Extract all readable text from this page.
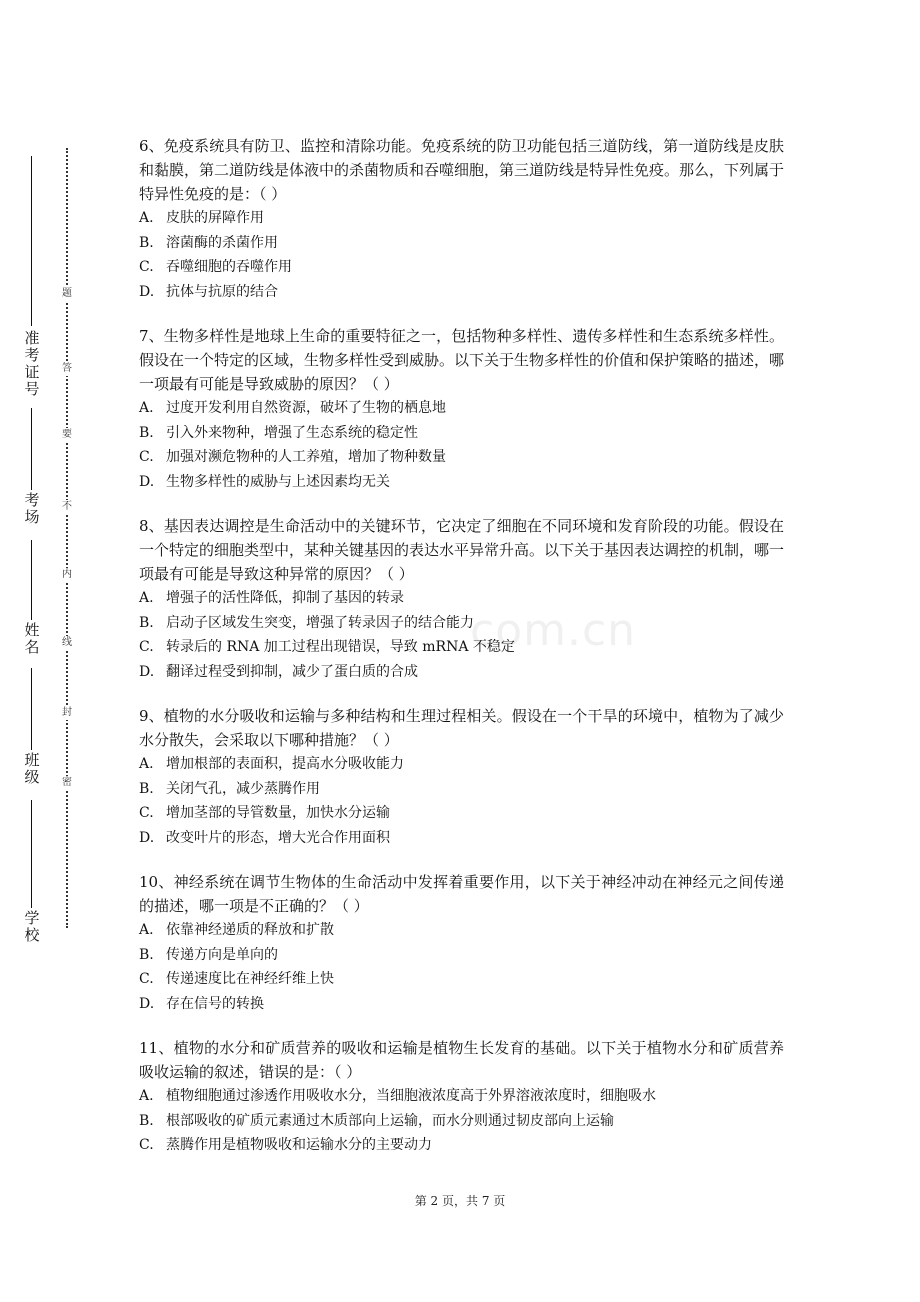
准考证号
考场
姓名
班级
学校
题
答
要
不
内
线
封
密
com.cn

6、免疫系统具有防卫、监控和清除功能。免疫系统的防卫功能包括三道防线，第一道防线是皮肤和黏膜，第二道防线是体液中的杀菌物质和吞噬细胞，第三道防线是特异性免疫。那么，下列属于特异性免疫的是：（ ）

A. 皮肤的屏障作用

B. 溶菌酶的杀菌作用

C. 吞噬细胞的吞噬作用

D. 抗体与抗原的结合

7、生物多样性是地球上生命的重要特征之一，包括物种多样性、遗传多样性和生态系统多样性。假设在一个特定的区域，生物多样性受到威胁。以下关于生物多样性的价值和保护策略的描述，哪一项最有可能是导致威胁的原因？（ ）

A. 过度开发利用自然资源，破坏了生物的栖息地

B. 引入外来物种，增强了生态系统的稳定性

C. 加强对濒危物种的人工养殖，增加了物种数量

D. 生物多样性的威胁与上述因素均无关

8、基因表达调控是生命活动中的关键环节，它决定了细胞在不同环境和发育阶段的功能。假设在一个特定的细胞类型中，某种关键基因的表达水平异常升高。以下关于基因表达调控的机制，哪一项最有可能是导致这种异常的原因？（ ）

A. 增强子的活性降低，抑制了基因的转录

B. 启动子区域发生突变，增强了转录因子的结合能力

C. 转录后的 RNA 加工过程出现错误，导致 mRNA 不稳定

D. 翻译过程受到抑制，减少了蛋白质的合成

9、植物的水分吸收和运输与多种结构和生理过程相关。假设在一个干旱的环境中，植物为了减少水分散失，会采取以下哪种措施？（ ）

A. 增加根部的表面积，提高水分吸收能力

B. 关闭气孔，减少蒸腾作用

C. 增加茎部的导管数量，加快水分运输

D. 改变叶片的形态，增大光合作用面积

10、神经系统在调节生物体的生命活动中发挥着重要作用，以下关于神经冲动在神经元之间传递的描述，哪一项是不正确的？（ ）

A. 依靠神经递质的释放和扩散

B. 传递方向是单向的

C. 传递速度比在神经纤维上快

D. 存在信号的转换

11、植物的水分和矿质营养的吸收和运输是植物生长发育的基础。以下关于植物水分和矿质营养吸收运输的叙述，错误的是：（ ）

A. 植物细胞通过渗透作用吸收水分，当细胞液浓度高于外界溶液浓度时，细胞吸水

B. 根部吸收的矿质元素通过木质部向上运输，而水分则通过韧皮部向上运输

C. 蒸腾作用是植物吸收和运输水分的主要动力

第 2 页，共 7 页
